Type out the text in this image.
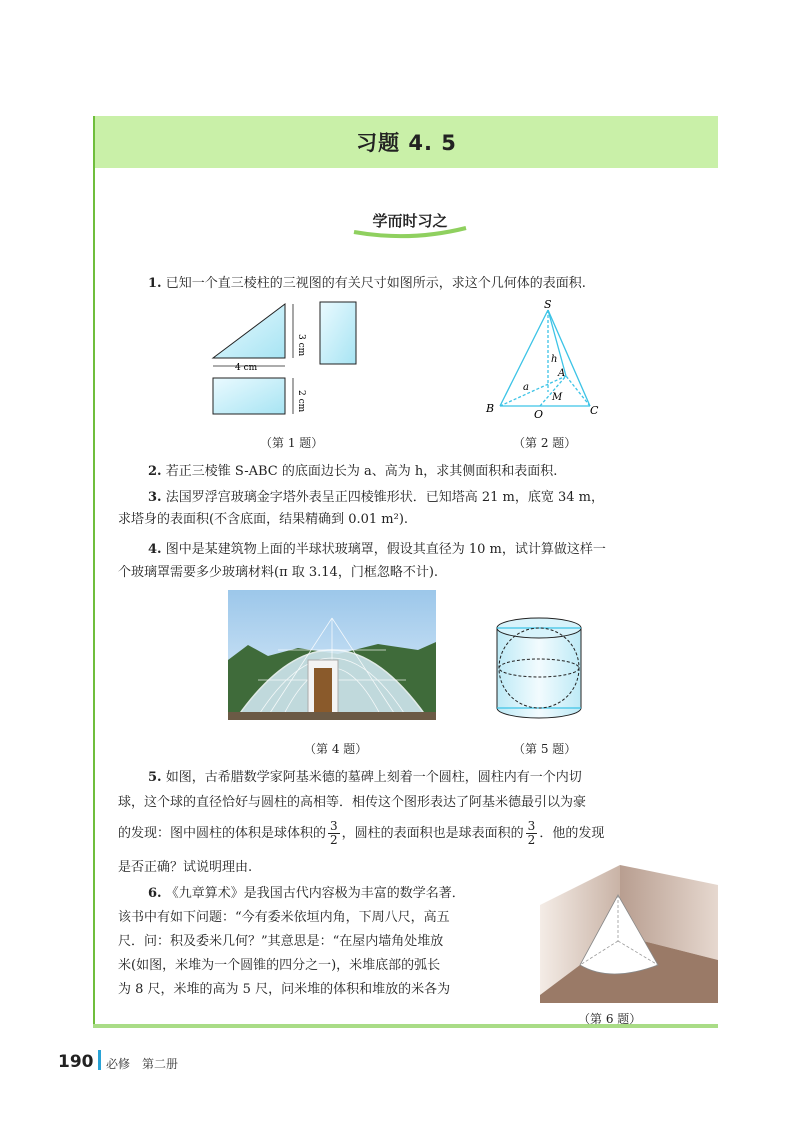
习题 4. 5
学而时习之
1. 已知一个直三棱柱的三视图的有关尺寸如图所示，求这个几何体的表面积.
3 cm
4 cm
2 cm
（第 1 题）
S
h
A
a
M
B	O	C
（第 2 题）
2. 若正三棱锥 S-ABC 的底面边长为 a、高为 h，求其侧面积和表面积.
3. 法国罗浮宫玻璃金字塔外表呈正四棱锥形状．已知塔高 21 m，底宽 34 m，
求塔身的表面积(不含底面，结果精确到 0.01 m²).
4. 图中是某建筑物上面的半球状玻璃罩，假设其直径为 10 m，试计算做这样一
个玻璃罩需要多少玻璃材料(π 取 3.14，门框忽略不计).
（第 4 题）	（第 5 题）
5. 如图，古希腊数学家阿基米德的墓碑上刻着一个圆柱，圆柱内有一个内切
球，这个球的直径恰好与圆柱的高相等．相传这个图形表达了阿基米德最引以为豪
的发现：图中圆柱的体积是球体积的 $\frac{3}{2}$ ，圆柱的表面积也是球表面积的 $\frac{3}{2}$ ．他的发现
是否正确？试说明理由.
6. 《九章算术》是我国古代内容极为丰富的数学名著．
该书中有如下问题：“今有委米依垣内角，下周八尺，高五
尺．问：积及委米几何？”其意思是：“在屋内墙角处堆放
米(如图，米堆为一个圆锥的四分之一)，米堆底部的弧长
为 8 尺，米堆的高为 5 尺，问米堆的体积和堆放的米各为
（第 6 题）
190 必修　第二册
